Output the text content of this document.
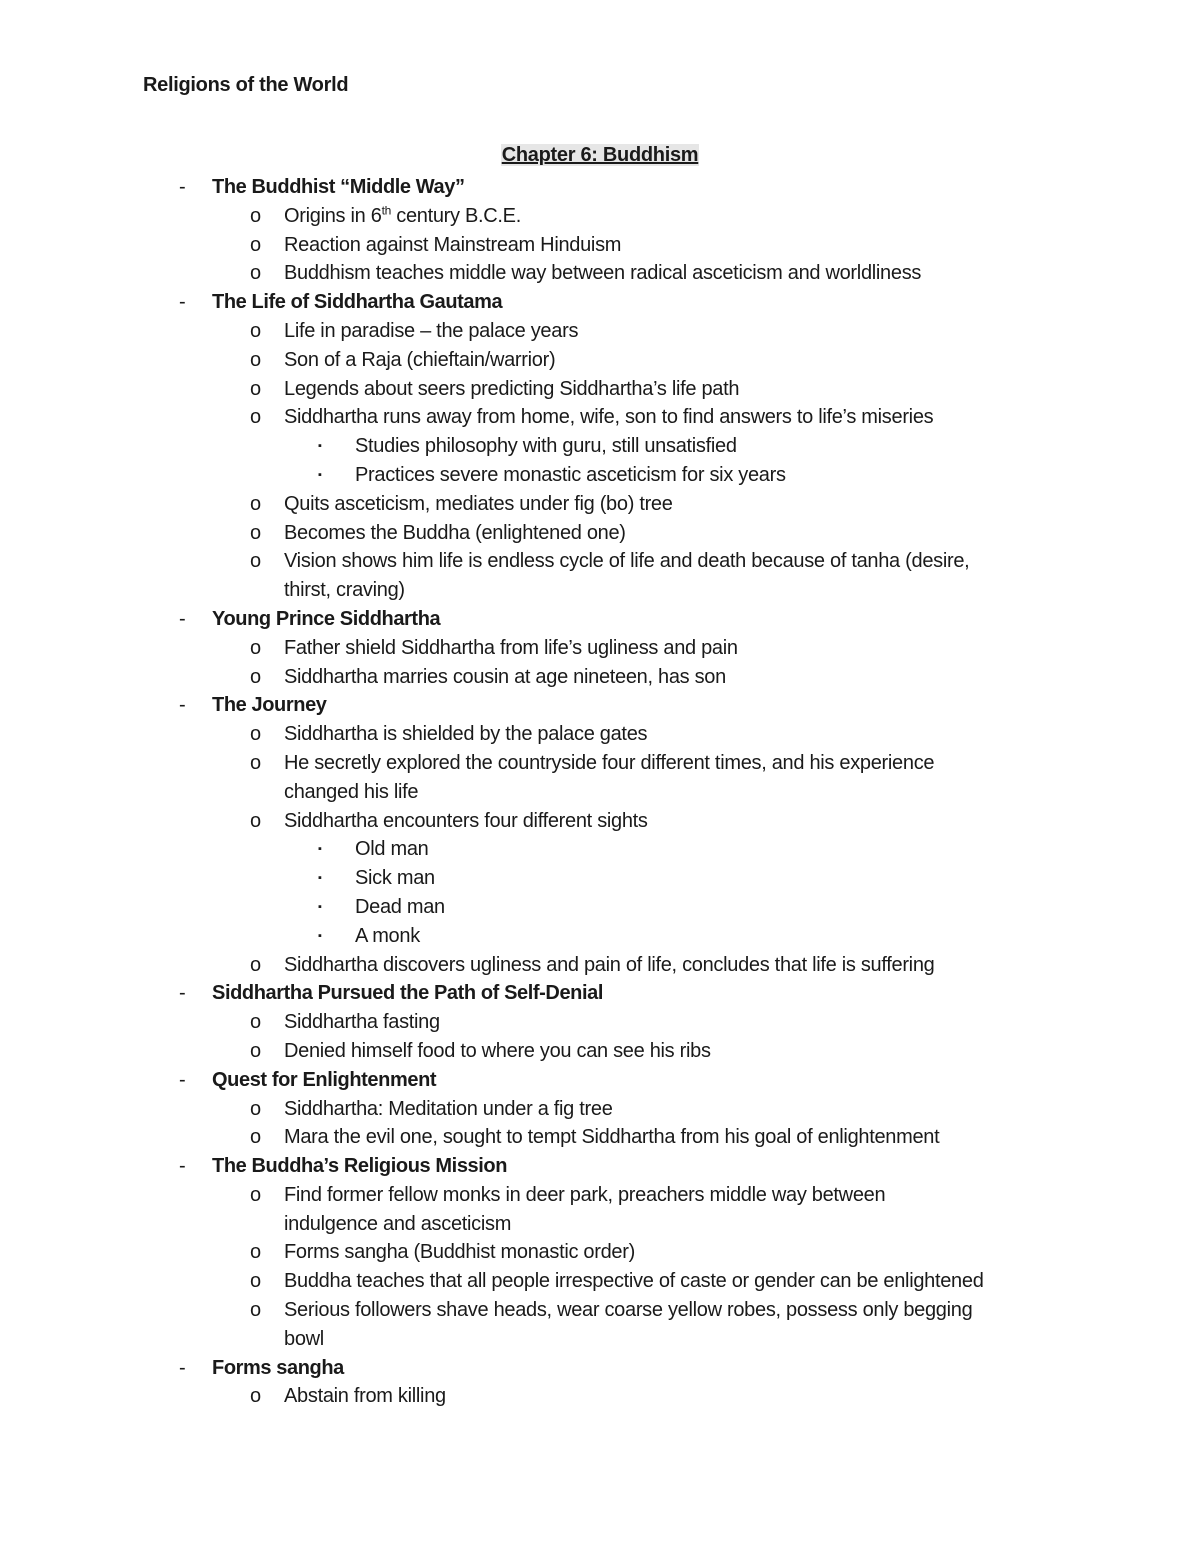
Religions of the World
Chapter 6: Buddhism
- The Buddhist “Middle Way”
o Origins in 6th century B.C.E.
o Reaction against Mainstream Hinduism
o Buddhism teaches middle way between radical asceticism and worldliness
- The Life of Siddhartha Gautama
o Life in paradise – the palace years
o Son of a Raja (chieftain/warrior)
o Legends about seers predicting Siddhartha’s life path
o Siddhartha runs away from home, wife, son to find answers to life’s miseries
▪ Studies philosophy with guru, still unsatisfied
▪ Practices severe monastic asceticism for six years
o Quits asceticism, mediates under fig (bo) tree
o Becomes the Buddha (enlightened one)
o Vision shows him life is endless cycle of life and death because of tanha (desire,
thirst, craving)
- Young Prince Siddhartha
o Father shield Siddhartha from life’s ugliness and pain
o Siddhartha marries cousin at age nineteen, has son
- The Journey
o Siddhartha is shielded by the palace gates
o He secretly explored the countryside four different times, and his experience
changed his life
o Siddhartha encounters four different sights
▪ Old man
▪ Sick man
▪ Dead man
▪ A monk
o Siddhartha discovers ugliness and pain of life, concludes that life is suffering
- Siddhartha Pursued the Path of Self-Denial
o Siddhartha fasting
o Denied himself food to where you can see his ribs
- Quest for Enlightenment
o Siddhartha: Meditation under a fig tree
o Mara the evil one, sought to tempt Siddhartha from his goal of enlightenment
- The Buddha’s Religious Mission
o Find former fellow monks in deer park, preachers middle way between
indulgence and asceticism
o Forms sangha (Buddhist monastic order)
o Buddha teaches that all people irrespective of caste or gender can be enlightened
o Serious followers shave heads, wear coarse yellow robes, possess only begging
bowl
- Forms sangha
o Abstain from killing
